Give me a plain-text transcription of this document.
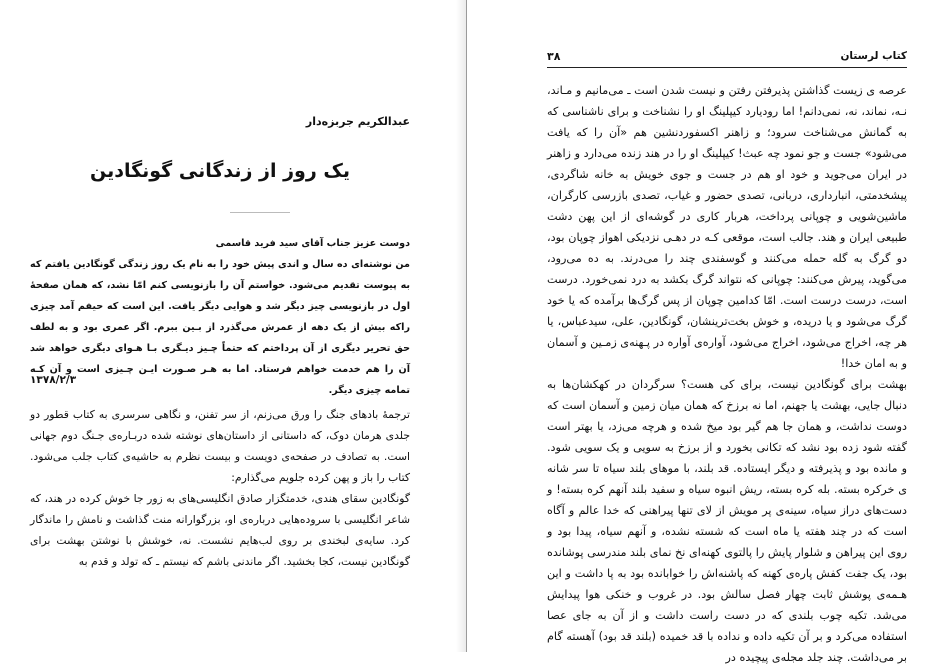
عبدالکریم جربزه‌دار
یک روز از زندگانی گونگادین

دوست عزیز جناب آقای سید فرید قاسمی

من نوشته‌ای ده سال و اندی پیش خود را به نام یک روز زندگی گونگادین یافتم که به پیوست تقدیم می‌شود. خواستم آن را بازنویسی کنم امّا نشد، که همان صفحهٔ اول در بازنویسی چیز دیگر شد و هوایی دیگر یافت. این است که حیفم آمد چیزی راکه بیش از یک دهه از عمرش می‌گذرد از بـین ببرم. اگر عمری بود و به لطف حق تحریر دیگری از آن پرداختم که حتماً چـیز دیـگری بـا هـوای دیگری خواهد شد آن را هم خدمت خواهم فرستاد. اما به هـر صـورت ایـن چـیزی است و آن کـه تمامه چیزی دیگر.

۱۳۷۸/۲/۳

ترجمهٔ بادهای جنگ را ورق می‌زنم، از سر تفنن، و نگاهی سرسری به کتاب قطور دو جلدی هرمان دوک، که داستانی از داستان‌های نوشته شده دربـاره‌ی جـنگ دوم جهانی است. به تصادف در صفحه‌ی دویست و بیست نظرم به حاشیه‌ی کتاب جلب می‌شود. کتاب را باز و پهن کرده جلویم می‌گذارم:

گونگادین سقای هندی، خدمتگزار صادق انگلیسی‌های به زور جا خوش کرده در هند، که شاعر انگلیسی با سروده‌هایی درباره‌ی او، بزرگوارانه منت گذاشت و نامش را ماندگار کرد. سایه‌ی لبخندی بر روی لب‌هایم نشست. نه، خوشش با نوشتن بهشت برای گونگادین نیست، کجا بخشید. اگر ماندنی باشم که نیستم ـ که تولد و قدم به

کتاب لرستان
۳۸

عرصه ی زیست گذاشتن پذیرفتن رفتن و نیست شدن است ـ می‌مانیم و مـاند، نـه، نماند، نه، نمی‌دانم! اما رودیارد کیپلینگ او را نشناخت و برای ناشناسی که به گمانش می‌شناخت سرود؛ و زاهنر اکسفوردنشین هم «آن را که یافت می‌شود» جست و جو نمود چه عبث! کیپلینگ او را در هند زنده می‌دارد و زاهنر در ایران می‌جوید و خود او هم در جست و جوی خویش به خانه شاگردی، پیشخدمتی، انبارداری، دربانی، تصدی حضور و غیاب، تصدی بازرسی کارگران، ماشین‌شویی و چوپانی پرداخت، هربار کاری در گوشه‌ای از این پهن دشت طبیعی ایران و هند. جالب است، موقعی کـه در دهـی نزدیکی اهواز چوپان بود، دو گرگ به گله حمله می‌کنند و گوسفندی چند را می‌درند. به ده می‌رود، می‌گوید، پیرش می‌کنند: چوپانی که نتواند گرگ بکشد به درد نمی‌خورد. درست است، درست درست است. امّا کدامین چوپان از پس گرگ‌ها برآمده که یا خود گرگ می‌شود و یا دریده، و خوش بخت‌ترینشان، گونگادین، علی، سیدعباس، یا هر چه، اخراج می‌شود، اخراج می‌شود، آواره‌ی آواره در پـهنه‌ی زمـین و آسمان و به امان خدا!

بهشت برای گونگادین نیست، برای کی هست؟ سرگردان در کهکشان‌ها به دنبال جایی، بهشت یا جهنم، اما نه برزخ که همان میان زمین و آسمان است که دوست نداشت، و همان جا هم گیر بود میخ شده و هرچه می‌زد، یا بهتر است گفته شود زده بود نشد که تکانی بخورد و از برزخ به سویی و یک سویی شود. و مانده بود و پذیرفته و دیگر ایستاده. قد بلند، با موهای بلند سیاه تا سر شانه ی خرکره بسته. بله کره بسته، ریش انبوه سیاه و سفید بلند آنهم کره بسته! و دست‌های دراز سیاه، سینه‌ی پر مویش از لای تنها پیراهنی که خدا عالم و آگاه است که در چند هفته یا ماه است که شسته نشده، و آنهم سیاه، پیدا بود و روی این پیراهن و شلوار پایش را پالتوی کهنه‌ای نخ نمای بلند مندرسی پوشانده بود، یک جفت کفش پاره‌ی کهنه که پاشنه‌اش را خوابانده بود به پا داشت و این هـمه‌ی پوشش ثابت چهار فصل سالش بود. در غروب و خنکی هوا پیدایش می‌شد. تکیه چوب بلندی که در دست راست داشت و از آن به جای عصا استفاده می‌کرد و بر آن تکیه داده و نداده با قد خمیده (بلند قد بود) آهسته گام بر می‌داشت. چند جلد مجله‌ی پیچیده در
